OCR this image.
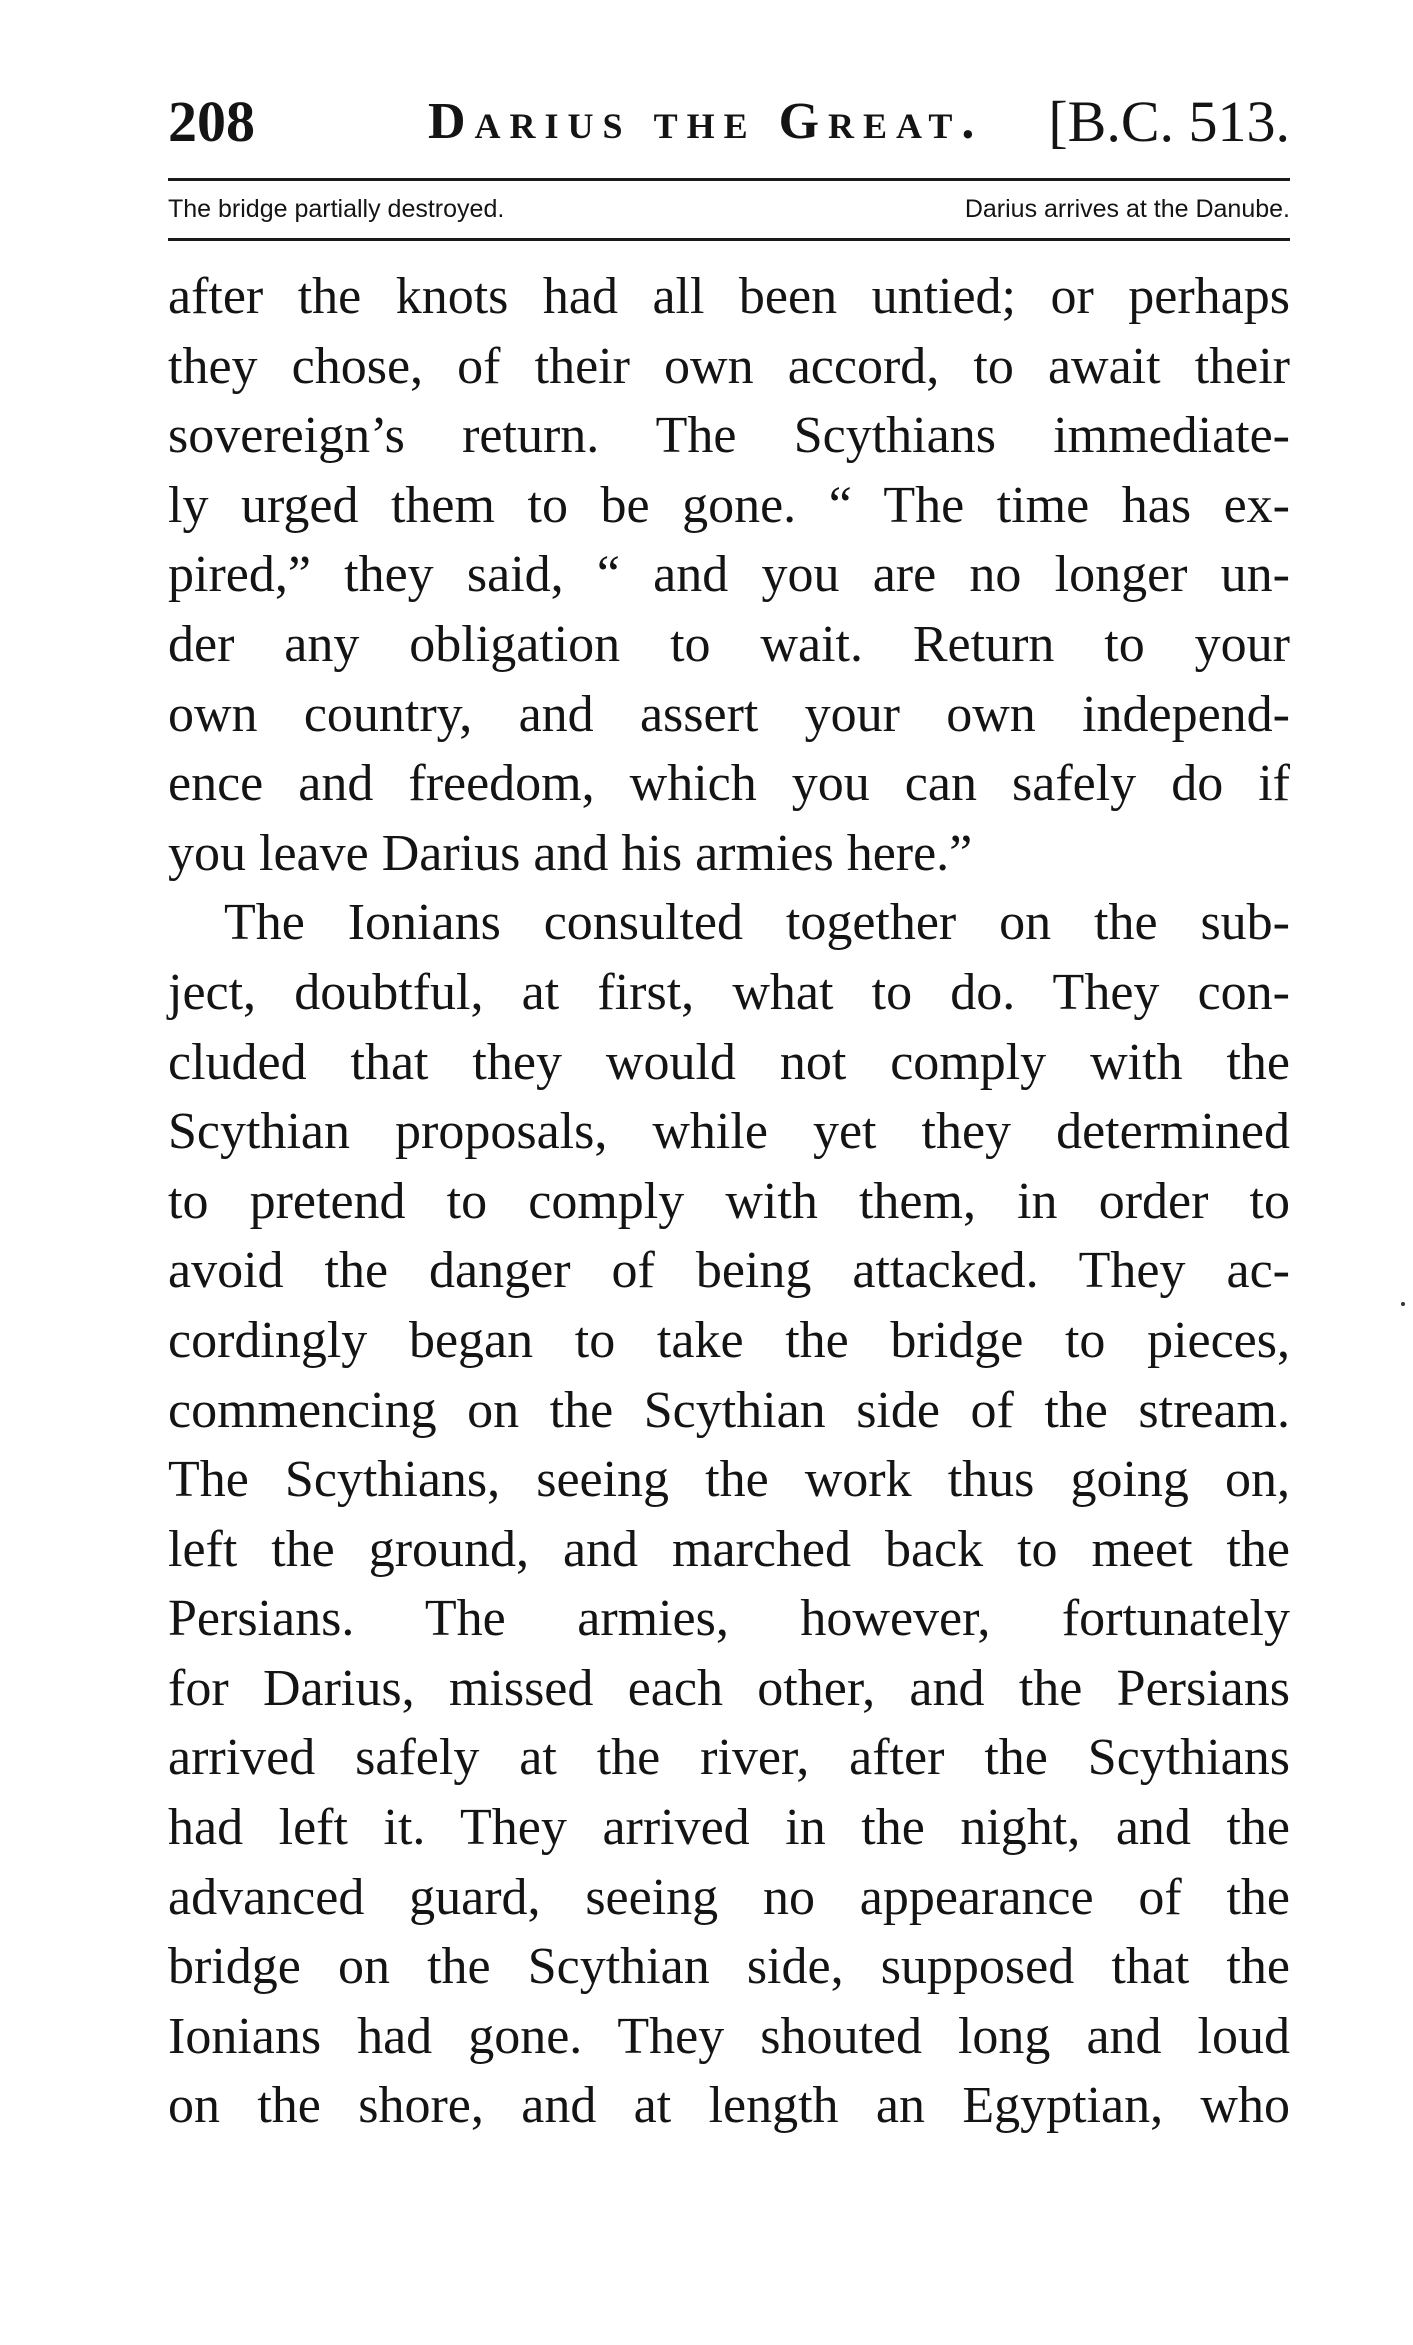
208	Darius the Great. [B.C. 513.
The bridge partially destroyed.	Darius arrives at the Danube.
after the knots had all been untied; or perhaps
they chose, of their own accord, to await their
sovereign’s return. The Scythians immediate-
ly urged them to be gone. “ The time has ex-
pired,” they said, “ and you are no longer un-
der any obligation to wait. Return to your
own country, and assert your own independ-
ence and freedom, which you can safely do if
you leave Darius and his armies here.”
The Ionians consulted together on the sub-
ject, doubtful, at first, what to do. They con-
cluded that they would not comply with the
Scythian proposals, while yet they determined
to pretend to comply with them, in order to
avoid the danger of being attacked. They ac-
cordingly began to take the bridge to pieces,
commencing on the Scythian side of the stream.
The Scythians, seeing the work thus going on,
left the ground, and marched back to meet the
Persians. The armies, however, fortunately
for Darius, missed each other, and the Persians
arrived safely at the river, after the Scythians
had left it. They arrived in the night, and the
advanced guard, seeing no appearance of the
bridge on the Scythian side, supposed that the
Ionians had gone. They shouted long and loud
on the shore, and at length an Egyptian, who
